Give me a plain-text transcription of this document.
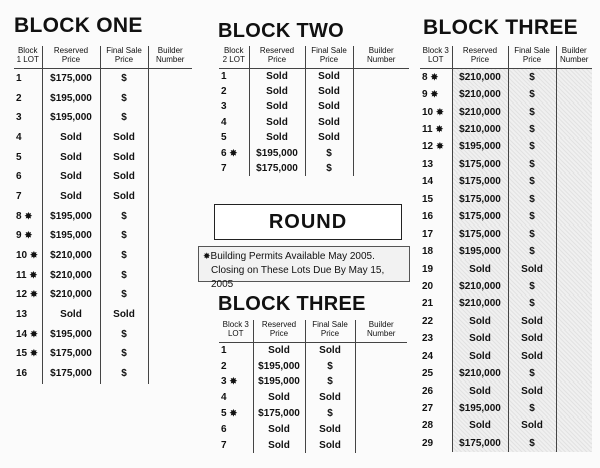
BLOCK ONE
Block 1 LOT	Reserved Price	Final Sale Price	Builder Number
1	$175,000	$	
2	$195,000	$	
3	$195,000	$	
4	Sold	Sold	
5	Sold	Sold	
6	Sold	Sold	
7	Sold	Sold	
8 ✸	$195,000	$	
9 ✸	$195,000	$	
10 ✸	$210,000	$	
11 ✸	$210,000	$	
12 ✸	$210,000	$	
13	Sold	Sold	
14 ✸	$195,000	$	
15 ✸	$175,000	$	
16	$175,000	$	
BLOCK TWO
Block 2 LOT	Reserved Price	Final Sale Price	Builder Number
1	Sold	Sold	
2	Sold	Sold	
3	Sold	Sold	
4	Sold	Sold	
5	Sold	Sold	
6 ✸	$195,000	$	
7	$175,000	$	
ROUND
✸Building Permits Available May 2005.
Closing on These Lots Due By May 15, 2005
BLOCK THREE
Block 3 LOT	Reserved Price	Final Sale Price	Builder Number
1	Sold	Sold	
2	$195,000	$	
3 ✸	$195,000	$	
4	Sold	Sold	
5 ✸	$175,000	$	
6	Sold	Sold	
7	Sold	Sold	
BLOCK THREE
Block 3 LOT	Reserved Price	Final Sale Price	Builder Number
8 ✸	$210,000	$	
9 ✸	$210,000	$	
10 ✸	$210,000	$	
11 ✸	$210,000	$	
12 ✸	$195,000	$	
13	$175,000	$	
14	$175,000	$	
15	$175,000	$	
16	$175,000	$	
17	$175,000	$	
18	$195,000	$	
19	Sold	Sold	
20	$210,000	$	
21	$210,000	$	
22	Sold	Sold	
23	Sold	Sold	
24	Sold	Sold	
25	$210,000	$	
26	Sold	Sold	
27	$195,000	$	
28	Sold	Sold	
29	$175,000	$	
